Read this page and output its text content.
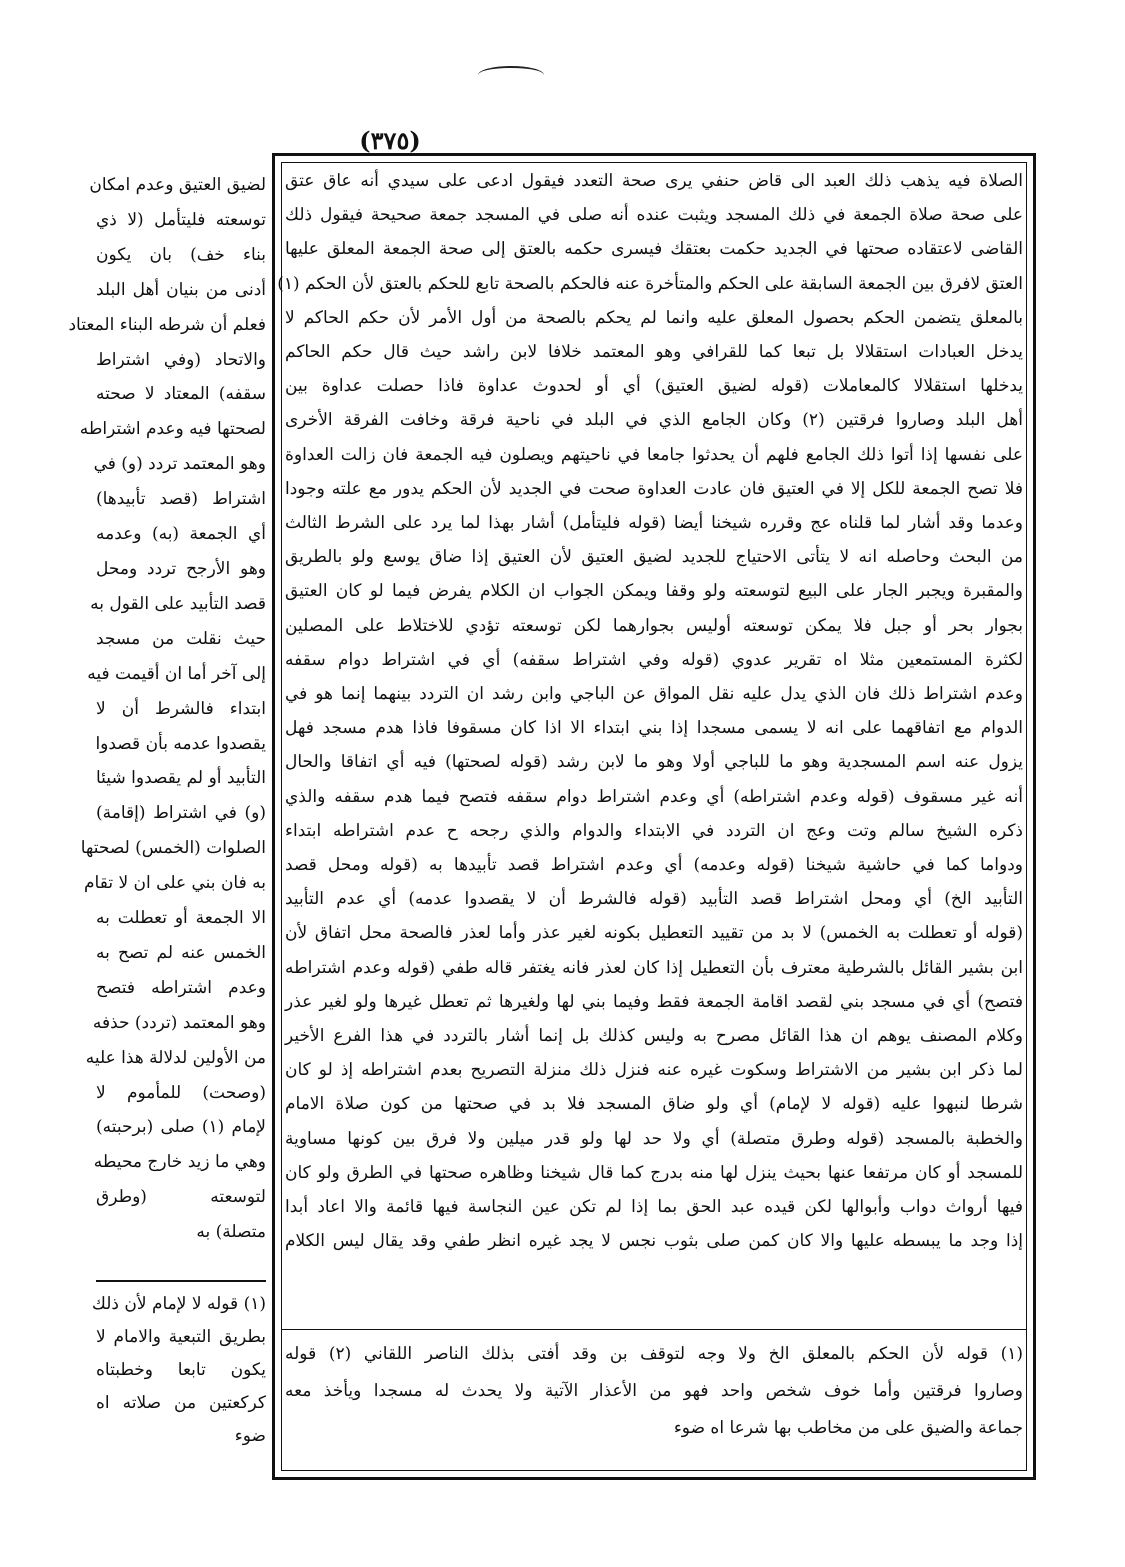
(٣٧٥)

لضيق العتيق وعدم امكان

توسعته فليتأمل (لا ذي

بناء خف) بان يكون

أدنى من بنيان أهل البلد

فعلم أن شرطه البناء المعتاد

والاتحاد (وفي اشتراط

سقفه) المعتاد لا صحته

لصحتها فيه وعدم اشتراطه

وهو المعتمد تردد (و) في

اشتراط (قصد تأبيدها)

أي الجمعة (به) وعدمه

وهو الأرجح تردد ومحل

قصد التأبيد على القول به

حيث نقلت من مسجد

إلى آخر أما ان أقيمت فيه

ابتداء فالشرط أن لا

يقصدوا عدمه بأن قصدوا

التأبيد أو لم يقصدوا شيئا

(و) في اشتراط (إقامة)

الصلوات (الخمس) لصحتها

به فان بني على ان لا تقام

الا الجمعة أو تعطلت به

الخمس عنه لم تصح به

وعدم اشتراطه فتصح

وهو المعتمد (تردد) حذفه

من الأولين لدلالة هذا عليه

(وصحت) للمأموم لا

لإمام (١) صلى (برحبته)

وهي ما زيد خارج محيطه

لتوسعته (وطرق

متصلة) به

(١) قوله لا لإمام لأن ذلك

بطريق التبعية والامام لا

يكون تابعا وخطبتاه

كركعتين من صلاته اه

ضوء

الصلاة فيه يذهب ذلك العبد الى قاض حنفي يرى صحة التعدد فيقول ادعى على سيدي أنه عاق عتق

على صحة صلاة الجمعة في ذلك المسجد ويثبت عنده أنه صلى في المسجد جمعة صحيحة فيقول ذلك

القاضى لاعتقاده صحتها في الجديد حكمت بعتقك فيسرى حكمه بالعتق إلى صحة الجمعة المعلق عليها

العتق لافرق بين الجمعة السابقة على الحكم والمتأخرة عنه فالحكم بالصحة تابع للحكم بالعتق لأن الحكم (١)

بالمعلق يتضمن الحكم بحصول المعلق عليه وانما لم يحكم بالصحة من أول الأمر لأن حكم الحاكم لا

يدخل العبادات استقلالا بل تبعا كما للقرافي وهو المعتمد خلافا لابن راشد حيث قال حكم الحاكم

يدخلها استقلالا كالمعاملات (قوله لضيق العتيق) أي أو لحدوث عداوة فاذا حصلت عداوة بين

أهل البلد وصاروا فرقتين (٢) وكان الجامع الذي في البلد في ناحية فرقة وخافت الفرقة الأخرى

على نفسها إذا أتوا ذلك الجامع فلهم أن يحدثوا جامعا في ناحيتهم ويصلون فيه الجمعة فان زالت العداوة

فلا تصح الجمعة للكل إلا في العتيق فان عادت العداوة صحت في الجديد لأن الحكم يدور مع علته وجودا

وعدما وقد أشار لما قلناه عج وقرره شيخنا أيضا (قوله فليتأمل) أشار بهذا لما يرد على الشرط الثالث

من البحث وحاصله انه لا يتأتى الاحتياج للجديد لضيق العتيق لأن العتيق إذا ضاق يوسع ولو بالطريق

والمقبرة ويجبر الجار على البيع لتوسعته ولو وقفا ويمكن الجواب ان الكلام يفرض فيما لو كان العتيق

بجوار بحر أو جبل فلا يمكن توسعته أوليس بجوارهما لكن توسعته تؤدي للاختلاط على المصلين

لكثرة المستمعين مثلا اه تقرير عدوي (قوله وفي اشتراط سقفه) أي في اشتراط دوام سقفه

وعدم اشتراط ذلك فان الذي يدل عليه نقل المواق عن الباجي وابن رشد ان التردد بينهما إنما هو في

الدوام مع اتفاقهما على انه لا يسمى مسجدا إذا بني ابتداء الا اذا كان مسقوفا فاذا هدم مسجد فهل

يزول عنه اسم المسجدية وهو ما للباجي أولا وهو ما لابن رشد (قوله لصحتها) فيه أي اتفاقا والحال

أنه غير مسقوف (قوله وعدم اشتراطه) أي وعدم اشتراط دوام سقفه فتصح فيما هدم سقفه والذي

ذكره الشيخ سالم وتت وعج ان التردد في الابتداء والدوام والذي رجحه ح عدم اشتراطه ابتداء

ودواما كما في حاشية شيخنا (قوله وعدمه) أي وعدم اشتراط قصد تأبيدها به (قوله ومحل قصد

التأبيد الخ) أي ومحل اشتراط قصد التأبيد (قوله فالشرط أن لا يقصدوا عدمه) أي عدم التأبيد

(قوله أو تعطلت به الخمس) لا بد من تقييد التعطيل بكونه لغير عذر وأما لعذر فالصحة محل اتفاق لأن

ابن بشير القائل بالشرطية معترف بأن التعطيل إذا كان لعذر فانه يغتفر قاله طفي (قوله وعدم اشتراطه

فتصح) أي في مسجد بني لقصد اقامة الجمعة فقط وفيما بني لها ولغيرها ثم تعطل غيرها ولو لغير عذر

وكلام المصنف يوهم ان هذا القائل مصرح به وليس كذلك بل إنما أشار بالتردد في هذا الفرع الأخير

لما ذكر ابن بشير من الاشتراط وسكوت غيره عنه فنزل ذلك منزلة التصريح بعدم اشتراطه إذ لو كان

شرطا لنبهوا عليه (قوله لا لإمام) أي ولو ضاق المسجد فلا بد في صحتها من كون صلاة الامام

والخطبة بالمسجد (قوله وطرق متصلة) أي ولا حد لها ولو قدر ميلين ولا فرق بين كونها مساوية

للمسجد أو كان مرتفعا عنها بحيث ينزل لها منه بدرج كما قال شيخنا وظاهره صحتها في الطرق ولو كان

فيها أرواث دواب وأبوالها لكن قيده عبد الحق بما إذا لم تكن عين النجاسة فيها قائمة والا اعاد أبدا

إذا وجد ما يبسطه عليها والا كان كمن صلى بثوب نجس لا يجد غيره انظر طفي وقد يقال ليس الكلام

(١) قوله لأن الحكم بالمعلق الخ ولا وجه لتوقف بن وقد أفتى بذلك الناصر اللقاني (٢) قوله

وصاروا فرقتين وأما خوف شخص واحد فهو من الأعذار الآتية ولا يحدث له مسجدا ويأخذ معه

جماعة والضيق على من مخاطب بها شرعا اه ضوء
